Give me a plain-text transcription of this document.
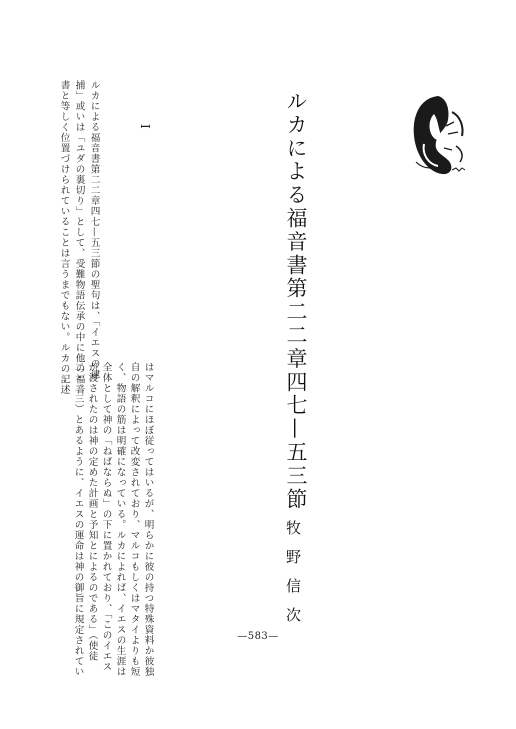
ルカによる福音書第二二章四七—五三節
牧野信次
I
ルカによる福音書第二二章四七—五三節の聖句は、「イエスの逮
捕」或いは「ユダの裏切り」として、受難物語伝承の中に他の福音
書と等しく位置づけられていることは言うまでもない。ルカの記述
はマルコにほぼ従ってはいるが、明らかに彼の持つ特殊資料か彼独
自の解釈によって改変されており、マルコもしくはマタイよりも短
く、物語の筋は明確になっている。ルカによれば、イエスの生涯は
全体として神の「ねばならぬ」の下に置かれており、「このイエス
が渡されたのは神の定めた計画と予知とによるのである」（使徒
二・二三）とあるように、イエスの運命は神の御旨に規定されてい	—583—
